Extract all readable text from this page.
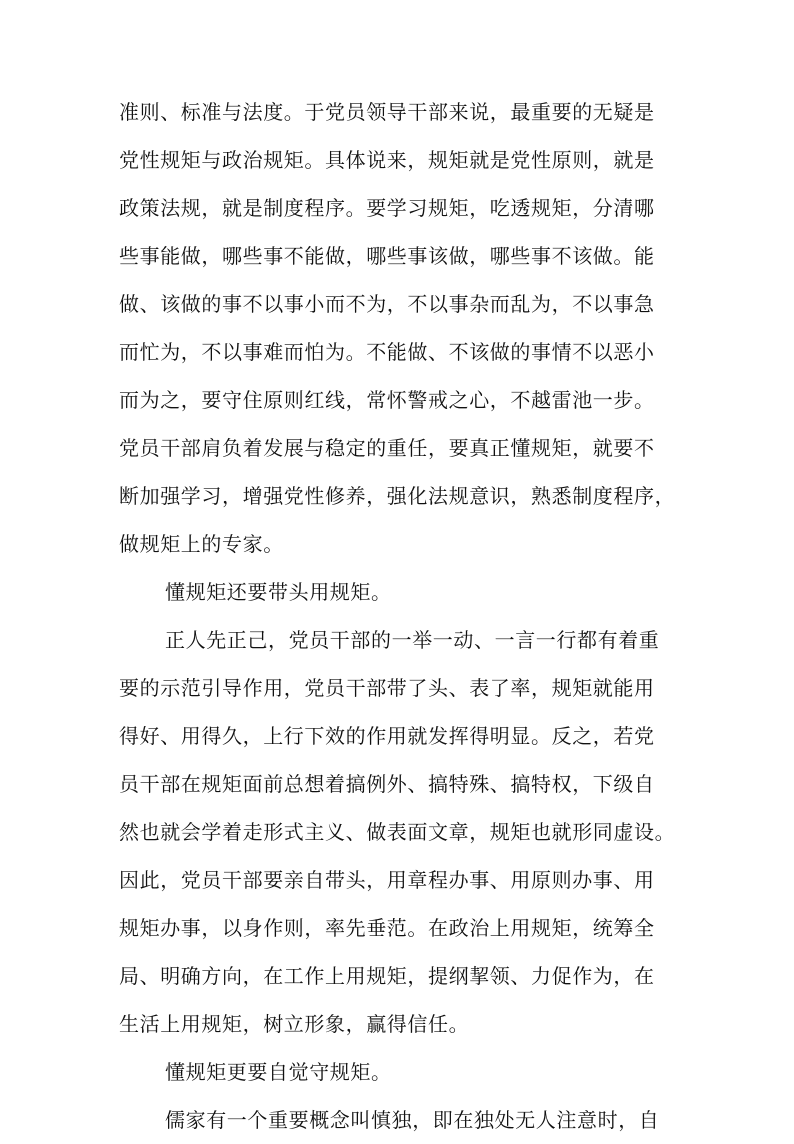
准则、标准与法度。于党员领导干部来说，最重要的无疑是
党性规矩与政治规矩。具体说来，规矩就是党性原则，就是
政策法规，就是制度程序。要学习规矩，吃透规矩，分清哪
些事能做，哪些事不能做，哪些事该做，哪些事不该做。能
做、该做的事不以事小而不为，不以事杂而乱为，不以事急
而忙为，不以事难而怕为。不能做、不该做的事情不以恶小
而为之，要守住原则红线，常怀警戒之心，不越雷池一步。
党员干部肩负着发展与稳定的重任，要真正懂规矩，就要不
断加强学习，增强党性修养，强化法规意识，熟悉制度程序，
做规矩上的专家。
懂规矩还要带头用规矩。
正人先正己，党员干部的一举一动、一言一行都有着重
要的示范引导作用，党员干部带了头、表了率，规矩就能用
得好、用得久，上行下效的作用就发挥得明显。反之，若党
员干部在规矩面前总想着搞例外、搞特殊、搞特权，下级自
然也就会学着走形式主义、做表面文章，规矩也就形同虚设。
因此，党员干部要亲自带头，用章程办事、用原则办事、用
规矩办事，以身作则，率先垂范。在政治上用规矩，统筹全
局、明确方向，在工作上用规矩，提纲挈领、力促作为，在
生活上用规矩，树立形象，赢得信任。
懂规矩更要自觉守规矩。
儒家有一个重要概念叫慎独，即在独处无人注意时，自
